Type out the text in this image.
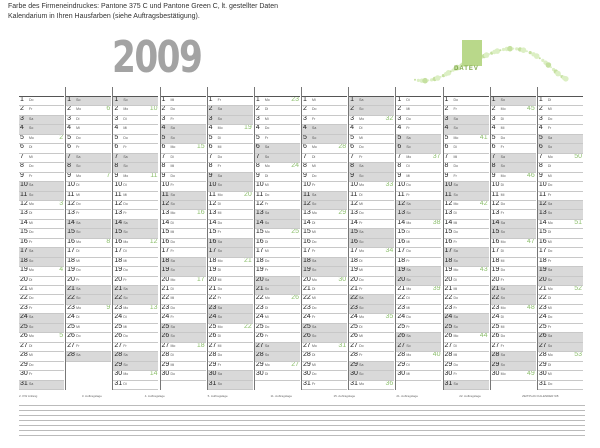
Farbe des Firmeneindruckes: Pantone 375 C und Pantone Green C, lt. gestellter Daten
Kalendarium in Ihren Hausfarben (siehe Auftragsbestätigung).
2009	DATEV
1 Do
2 Fr
3 Sa
4 So
5 Mo	2
6 Di
7 Mi
8 Do
9 Fr
10 Sa
11 So
12 Mo	3
13 Di
14 Mi
15 Do
16 Fr
17 Sa
18 So
19 Mo	4
20 Di
21 Mi
22 Do
23 Fr
24 Sa
25 So
26 Mo	5
27 Di
28 Mi
29 Do
30 Fr
31 Sa
1 So
2 Mo	6
3 Di
4 Mi
5 Do
6 Fr
7 Sa
8 So
9 Mo	7
10 Di
11 Mi
12 Do
13 Fr
14 Sa
15 So
16 Mo	8
17 Di
18 Mi
19 Do
20 Fr
21 Sa
22 So
23 Mo	9
24 Di
25 Mi
26 Do
27 Fr
28 Sa
1 So
2 Mo	10
3 Di
4 Mi
5 Do
6 Fr
7 Sa
8 So
9 Mo	11
10 Di
11 Mi
12 Do
13 Fr
14 Sa
15 So
16 Mo	12
17 Di
18 Mi
19 Do
20 Fr
21 Sa
22 So
23 Mo	13
24 Di
25 Mi
26 Do
27 Fr
28 Sa
29 So
30 Mo	14
31 Di
1 Mi
2 Do
3 Fr
4 Sa
5 So
6 Mo	15
7 Di
8 Mi
9 Do
10 Fr
11 Sa
12 So
13 Mo	16
14 Di
15 Mi
16 Do
17 Fr
18 Sa
19 So
20 Mo	17
21 Di
22 Mi
23 Do
24 Fr
25 Sa
26 So
27 Mo	18
28 Di
29 Mi
30 Do
1 Fr
2 Sa
3 So
4 Mo	19
5 Di
6 Mi
7 Do
8 Fr
9 Sa
10 So
11 Mo	20
12 Di
13 Mi
14 Do
15 Fr
16 Sa
17 So
18 Mo	21
19 Di
20 Mi
21 Do
22 Fr
23 Sa
24 So
25 Mo	22
26 Di
27 Mi
28 Do
29 Fr
30 Sa
31 So
1 Mo	23
2 Di
3 Mi
4 Do
5 Fr
6 Sa
7 So
8 Mo	24
9 Di
10 Mi
11 Do
12 Fr
13 Sa
14 So
15 Mo	25
16 Di
17 Mi
18 Do
19 Fr
20 Sa
21 So
22 Mo	26
23 Di
24 Mi
25 Do
26 Fr
27 Sa
28 So
29 Mo	27
30 Di
1 Mi
2 Do
3 Fr
4 Sa
5 So
6 Mo	28
7 Di
8 Mi
9 Do
10 Fr
11 Sa
12 So
13 Mo	29
14 Di
15 Mi
16 Do
17 Fr
18 Sa
19 So
20 Mo	30
21 Di
22 Mi
23 Do
24 Fr
25 Sa
26 So
27 Mo	31
28 Di
29 Mi
30 Do
31 Fr
1 Sa
2 So
3 Mo	32
4 Di
5 Mi
6 Do
7 Fr
8 Sa
9 So
10 Mo	33
11 Di
12 Mi
13 Do
14 Fr
15 Sa
16 So
17 Mo	34
18 Di
19 Mi
20 Do
21 Fr
22 Sa
23 So
24 Mo	35
25 Di
26 Mi
27 Do
28 Fr
29 Sa
30 So
31 Mo	36
1 Di
2 Mi
3 Do
4 Fr
5 Sa
6 So
7 Mo	37
8 Di
9 Mi
10 Do
11 Fr
12 Sa
13 So
14 Mo	38
15 Di
16 Mi
17 Do
18 Fr
19 Sa
20 So
21 Mo	39
22 Di
23 Mi
24 Do
25 Fr
26 Sa
27 So
28 Mo	40
29 Di
30 Mi
1 Do
2 Fr
3 Sa
4 So
5 Mo	41
6 Di
7 Mi
8 Do
9 Fr
10 Sa
11 So
12 Mo	42
13 Di
14 Mi
15 Do
16 Fr
17 Sa
18 So
19 Mo	43
20 Di
21 Mi
22 Do
23 Fr
24 Sa
25 So
26 Mo	44
27 Di
28 Mi
29 Do
30 Fr
31 Sa
1 So
2 Mo	45
3 Di
4 Mi
5 Do
6 Fr
7 Sa
8 So
9 Mo	46
10 Di
11 Mi
12 Do
13 Fr
14 Sa
15 So
16 Mo	47
17 Di
18 Mi
19 Do
20 Fr
21 Sa
22 So
23 Mo	48
24 Di
25 Mi
26 Do
27 Fr
28 Sa
29 So
30 Mo	49
1 Di
2 Mi
3 Do
4 Fr
5 Sa
6 So
7 Mo	50
8 Di
9 Mi
10 Do
11 Fr
12 Sa
13 So
14 Mo	51
15 Di
16 Mi
17 Do
18 Fr
19 Sa
20 So
21 Mo	52
22 Di
23 Mi
24 Do
25 Fr
26 Sa
27 So
28 Mo	53
29 Di
30 Mi
31 Do
2. KW Anfang	3. Auftragslage	4. Auftragslage	5. Auftragslage	11. Auftragslage	15. Auftragslage	21. Auftragslage	22. Auftragslage	ZEITPLAN KALENDER 9/8
